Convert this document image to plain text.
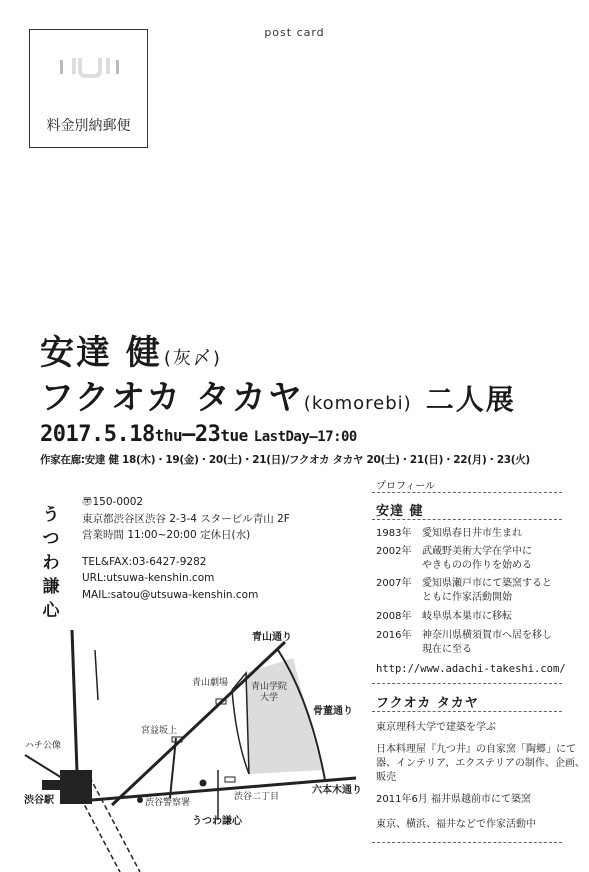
post card
料金別納郵便
安達 健 (灰〆)
フクオカ タカヤ(komorebi) 二人展
2017.5.18thu–23tue LastDay–17:00
作家在廊:安達 健 18(木)・19(金)・20(土)・21(日)/フクオカ タカヤ 20(土)・21(日)・22(月)・23(火)
う
つ
わ
謙
心
〠150-0002
東京都渋谷区渋谷 2-3-4 スタービル青山 2F
営業時間 11:00~20:00 定休日(水)
TEL&FAX:03-6427-9282
URL:utsuwa-kenshin.com
MAIL:satou@utsuwa-kenshin.com
プロフィール
安達 健
1983年	愛知県春日井市生まれ
2002年	武蔵野美術大学在学中に
やきものの作りを始める
2007年	愛知県瀬戸市にて築窯すると
ともに作家活動開始
2008年	岐阜県本巣市に移転
2016年	神奈川県横須賀市へ居を移し
現在に至る
http://www.adachi-takeshi.com/
フクオカ タカヤ
東京理科大学で建築を学ぶ
日本料理屋『九つ井』の自家窯「陶郷」にて
器、インテリア、エクステリアの制作、企画、
販売
2011年6月 福井県越前市にて築窯
東京、横浜、福井などで作家活動中
青山通り
青山劇場	青山学院
大学
骨董通り
宮益坂上
ハチ公像
渋谷駅
六本木通り
渋谷警察署
渋谷二丁目
うつわ謙心
